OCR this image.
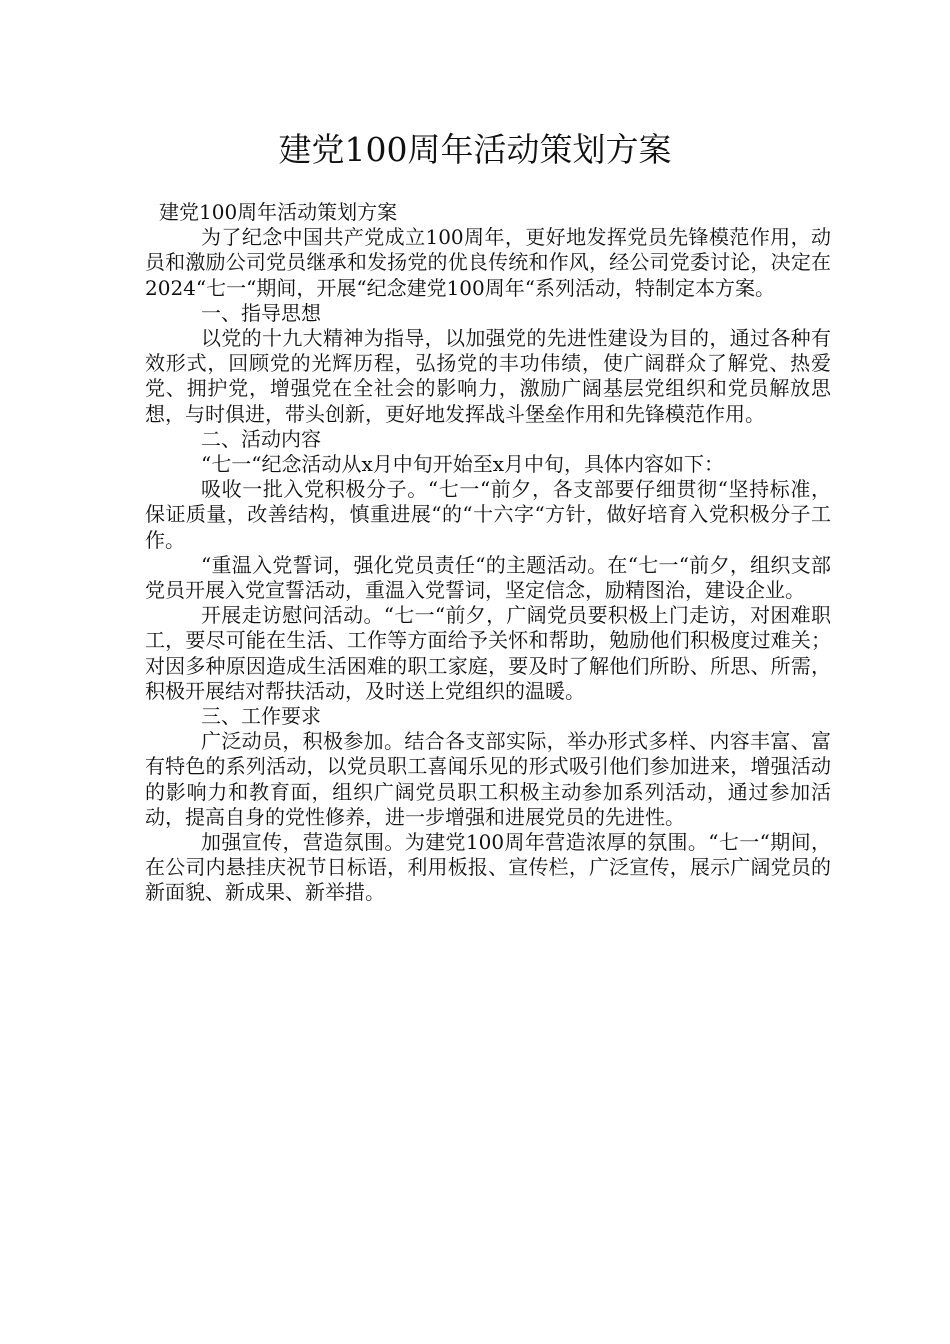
建党100周年活动策划方案

建党100周年活动策划方案

为了纪念中国共产党成立100周年，更好地发挥党员先锋模范作用，动员和激励公司党员继承和发扬党的优良传统和作风，经公司党委讨论，决定在2024“七一“期间，开展“纪念建党100周年“系列活动，特制定本方案。

一、指导思想

以党的十九大精神为指导，以加强党的先进性建设为目的，通过各种有效形式，回顾党的光辉历程，弘扬党的丰功伟绩，使广阔群众了解党、热爱党、拥护党，增强党在全社会的影响力，激励广阔基层党组织和党员解放思想，与时俱进，带头创新，更好地发挥战斗堡垒作用和先锋模范作用。

二、活动内容

“七一“纪念活动从x月中旬开始至x月中旬，具体内容如下：

吸收一批入党积极分子。“七一“前夕，各支部要仔细贯彻“坚持标准，保证质量，改善结构，慎重进展“的“十六字“方针，做好培育入党积极分子工作。

“重温入党誓词，强化党员责任“的主题活动。在“七一“前夕，组织支部党员开展入党宣誓活动，重温入党誓词，坚定信念，励精图治，建设企业。

开展走访慰问活动。“七一“前夕，广阔党员要积极上门走访，对困难职工，要尽可能在生活、工作等方面给予关怀和帮助，勉励他们积极度过难关；对因多种原因造成生活困难的职工家庭，要及时了解他们所盼、所思、所需，积极开展结对帮扶活动，及时送上党组织的温暖。

三、工作要求

广泛动员，积极参加。结合各支部实际，举办形式多样、内容丰富、富有特色的系列活动，以党员职工喜闻乐见的形式吸引他们参加进来，增强活动的影响力和教育面，组织广阔党员职工积极主动参加系列活动，通过参加活动，提高自身的党性修养，进一步增强和进展党员的先进性。

加强宣传，营造氛围。为建党100周年营造浓厚的氛围。“七一“期间，在公司内悬挂庆祝节日标语，利用板报、宣传栏，广泛宣传，展示广阔党员的新面貌、新成果、新举措。
